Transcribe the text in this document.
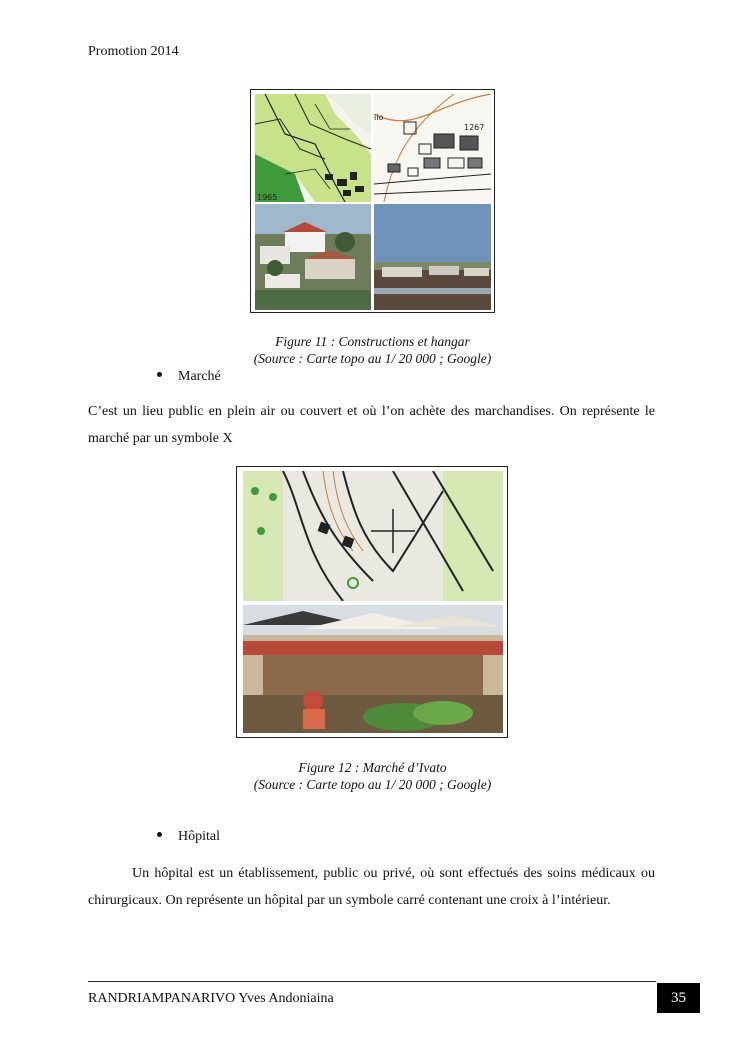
Promotion 2014
1965
ilo
1267
Figure 11 : Constructions et hangar
(Source : Carte topo au 1/ 20 000 ; Google)
Marché
C’est un lieu public en plein air ou couvert et où l’on achète des marchandises. On représente le marché par un symbole X
Figure 12 : Marché d’Ivato
(Source : Carte topo au 1/ 20 000 ; Google)
Hôpital
Un hôpital est un établissement, public ou privé, où sont effectués des soins médicaux ou chirurgicaux. On représente un hôpital par un symbole carré contenant une croix à l’intérieur.
RANDRIAMPANARIVO Yves Andoniaina	35
